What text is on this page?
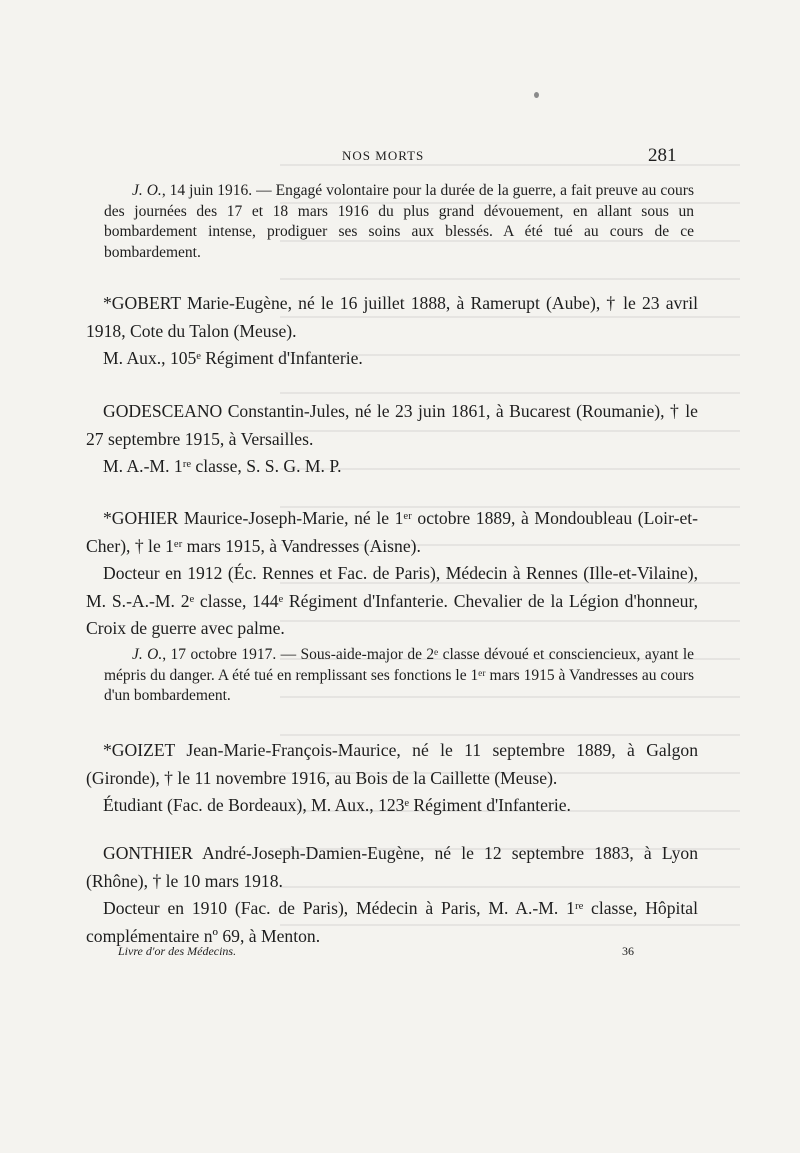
NOS MORTS	281
J. O., 14 juin 1916. — Engagé volontaire pour la durée de la guerre, a fait preuve au cours des journées des 17 et 18 mars 1916 du plus grand dévouement, en allant sous un bombardement intense, prodiguer ses soins aux blessés. A été tué au cours de ce bombardement.

*GOBERT Marie-Eugène, né le 16 juillet 1888, à Ramerupt (Aube), † le 23 avril 1918, Cote du Talon (Meuse).

M. Aux., 105ᵉ Régiment d'Infanterie.

GODESCEANO Constantin-Jules, né le 23 juin 1861, à Bucarest (Roumanie), † le 27 septembre 1915, à Versailles.

M. A.-M. 1ʳᵉ classe, S. S. G. M. P.

*GOHIER Maurice-Joseph-Marie, né le 1ᵉʳ octobre 1889, à Mondoubleau (Loir-et-Cher), † le 1ᵉʳ mars 1915, à Vandresses (Aisne).

Docteur en 1912 (Éc. Rennes et Fac. de Paris), Médecin à Rennes (Ille-et-Vilaine), M. S.-A.-M. 2ᵉ classe, 144ᵉ Régiment d'Infanterie. Chevalier de la Légion d'honneur, Croix de guerre avec palme.

J. O., 17 octobre 1917. — Sous-aide-major de 2ᵉ classe dévoué et consciencieux, ayant le mépris du danger. A été tué en remplissant ses fonctions le 1ᵉʳ mars 1915 à Vandresses au cours d'un bombardement.

*GOIZET Jean-Marie-François-Maurice, né le 11 septembre 1889, à Galgon (Gironde), † le 11 novembre 1916, au Bois de la Caillette (Meuse).

Étudiant (Fac. de Bordeaux), M. Aux., 123ᵉ Régiment d'Infanterie.

GONTHIER André-Joseph-Damien-Eugène, né le 12 septembre 1883, à Lyon (Rhône), † le 10 mars 1918.

Docteur en 1910 (Fac. de Paris), Médecin à Paris, M. A.-M. 1ʳᵉ classe, Hôpital complémentaire nº 69, à Menton.

Livre d'or des Médecins.	36
